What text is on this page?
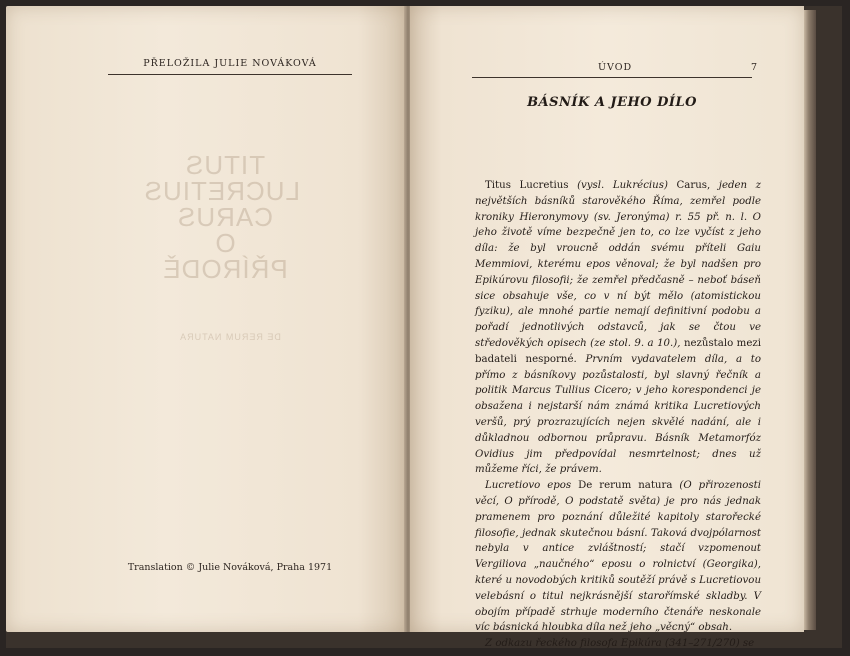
PŘELOŽILA JULIE NOVÁKOVÁ
TITUS
LUCRETIUS
CARUS
O PŘÍRODĚ
DE RERUM NATURA
Translation © Julie Nováková, Praha 1971
ÚVOD	7
BÁSNÍK A JEHO DÍLO

Titus Lucretius (vysl. Lukrécius) Carus, jeden z největších básníků starověkého Říma, zemřel podle kroniky Hieronymovy (sv. Jeronýma) r. 55 př. n. l. O jeho životě víme bezpečně jen to, co lze vyčíst z jeho díla: že byl vroucně oddán svému příteli Gaiu Memmiovi, kterému epos věnoval; že byl nadšen pro Epikúrovu filosofii; že zemřel předčasně – neboť báseň sice obsahuje vše, co v ní být mělo (atomistickou fyziku), ale mnohé partie nemají definitivní podobu a pořadí jednotlivých odstavců, jak se čtou ve středověkých opisech (ze stol. 9. a 10.), nezůstalo mezi badateli nesporné. Prvním vydavatelem díla, a to přímo z básníkovy pozůstalosti, byl slavný řečník a politik Marcus Tullius Cicero; v jeho korespondenci je obsažena i nejstarší nám známá kritika Lucretiových veršů, prý prozrazujících nejen skvělé nadání, ale i důkladnou odbornou průpravu. Básník Metamorfóz Ovidius jim předpovídal nesmrtelnost; dnes už můžeme říci, že právem.

Lucretiovo epos De rerum natura (O přirozenosti věcí, O přírodě, O podstatě světa) je pro nás jednak pramenem pro poznání důležité kapitoly starořecké filosofie, jednak skutečnou básní. Taková dvojpólarnost nebyla v antice zvláštností; stačí vzpomenout Vergiliova „naučného“ eposu o rolnictví (Georgika), které u novodobých kritiků soutěží právě s Lucretiovou velebásní o titul nejkrásnější starořímské skladby. V obojím případě strhuje moderního čtenáře neskonale víc básnická hloubka díla než jeho „věcný“ obsah.

Z odkazu řeckého filosofa Epikúra (341–271/270) se
